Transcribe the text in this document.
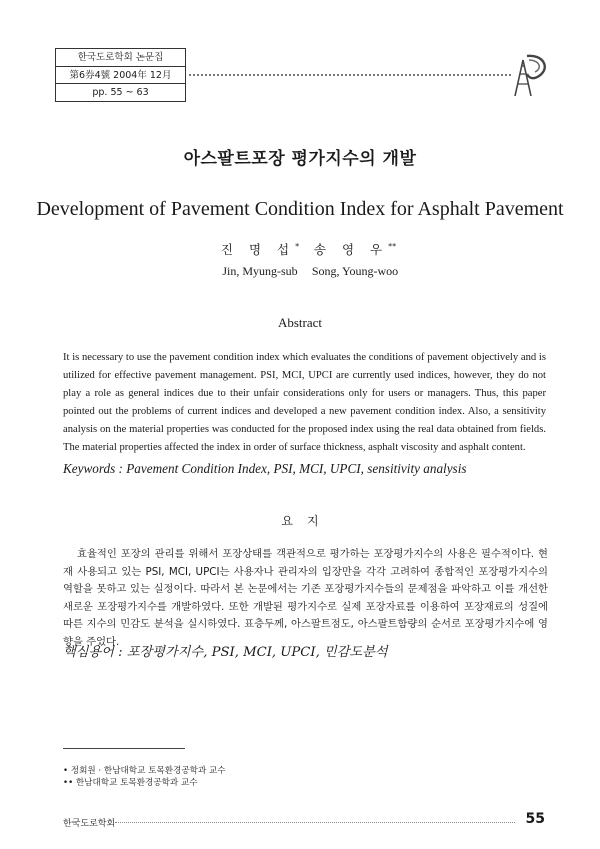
한국도로학회 논문집
第6券4號 2004年 12月
pp. 55 ~ 63
아스팔트포장 평가지수의 개발
Development of Pavement Condition Index for Asphalt Pavement
진 명 섭*
Jin, Myung-sub
송 영 우**
Song, Young-woo
Abstract
It is necessary to use the pavement condition index which evaluates the conditions of pavement objectively and is utilized for effective pavement management. PSI, MCI, UPCI are currently used indices, however, they do not play a role as general indices due to their unfair considerations only for users or managers. Thus, this paper pointed out the problems of current indices and developed a new pavement condition index. Also, a sensitivity analysis on the material properties was conducted for the proposed index using the real data obtained from fields. The material properties affected the index in order of surface thickness, asphalt viscosity and asphalt content.
Keywords : Pavement Condition Index, PSI, MCI, UPCI, sensitivity analysis
요지
효율적인 포장의 관리를 위해서 포장상태를 객관적으로 평가하는 포장평가지수의 사용은 필수적이다. 현재 사용되고 있는 PSI, MCI, UPCI는 사용자나 관리자의 입장만을 각각 고려하여 종합적인 포장평가지수의 역할을 못하고 있는 실정이다. 따라서 본 논문에서는 기존 포장평가지수들의 문제점을 파악하고 이를 개선한 새로운 포장평가지수를 개발하였다. 또한 개발된 평가지수로 실제 포장자료를 이용하여 포장재료의 성질에 따른 지수의 민감도 분석을 실시하였다. 표층두께, 아스팔트점도, 아스팔트함량의 순서로 포장평가지수에 영향을 주었다.
핵심용어 : 포장평가지수, PSI, MCI, UPCI, 민감도분석
• 정회원 · 한남대학교 토목환경공학과 교수
•• 한남대학교 토목환경공학과 교수
한국도로학회	55
